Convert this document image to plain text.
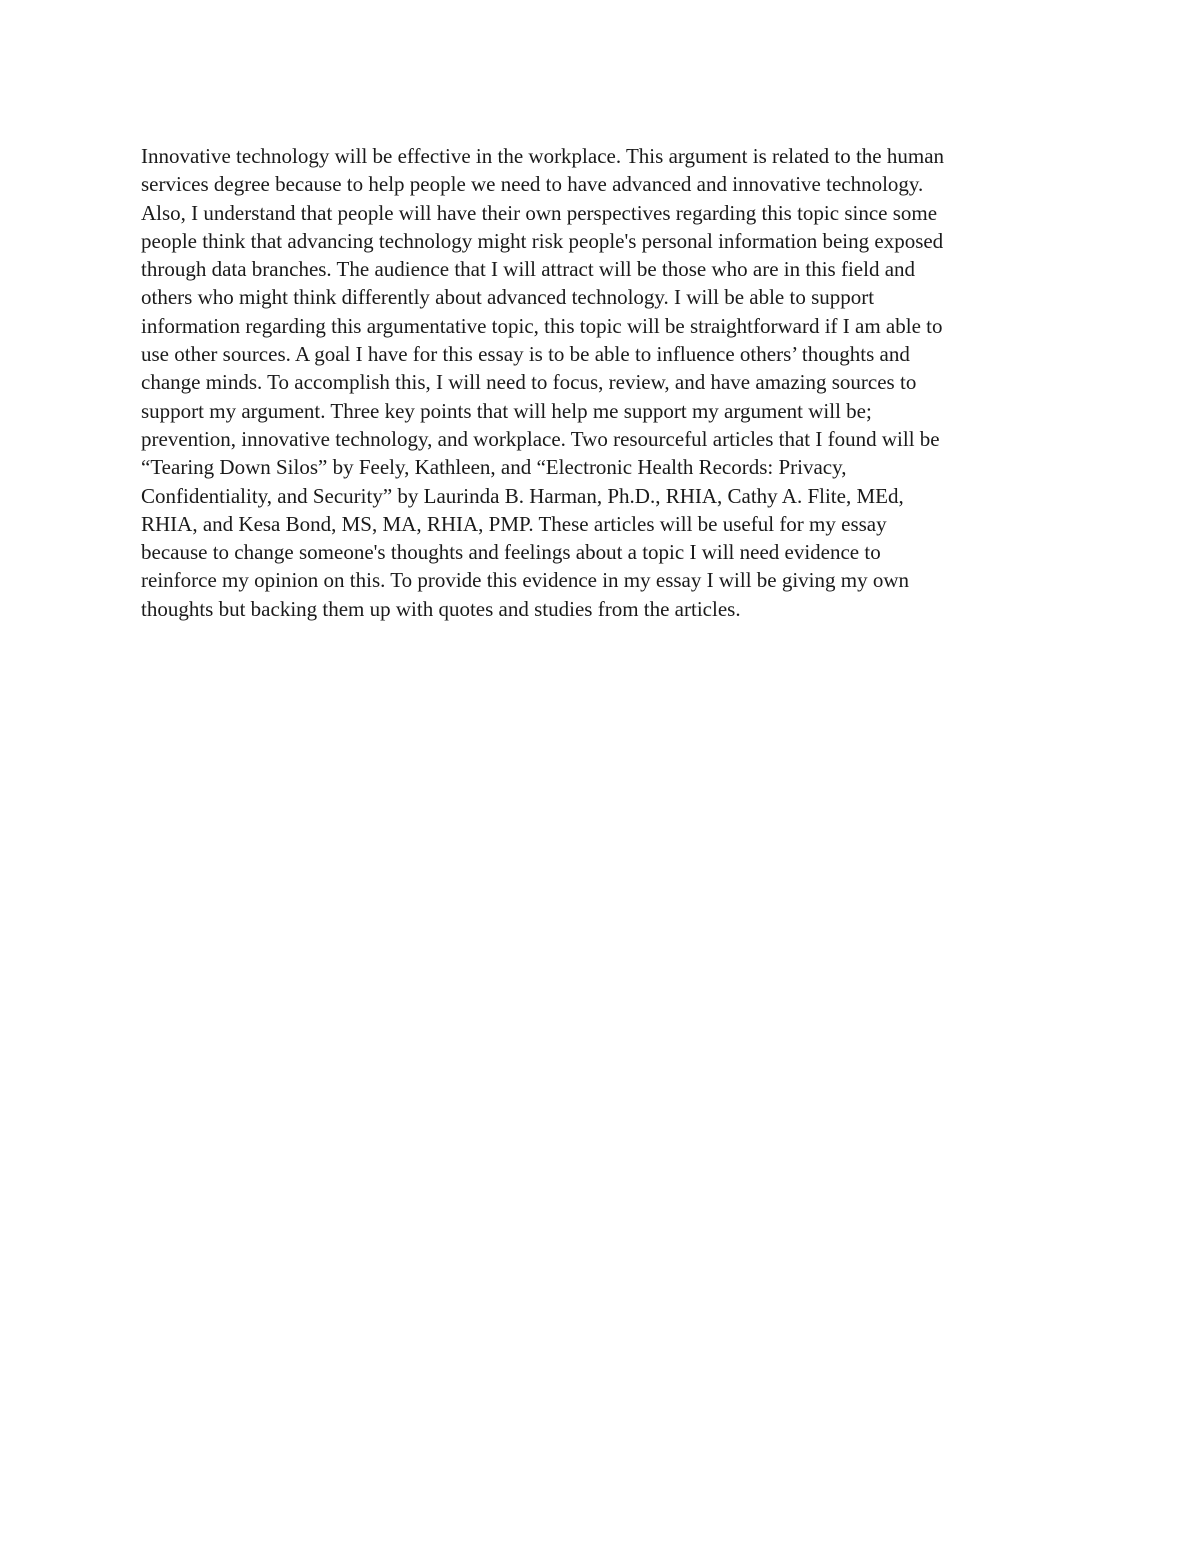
Innovative technology will be effective in the workplace. This argument is related to the human
services degree because to help people we need to have advanced and innovative technology.
Also, I understand that people will have their own perspectives regarding this topic since some
people think that advancing technology might risk people's personal information being exposed
through data branches. The audience that I will attract will be those who are in this field and
others who might think differently about advanced technology. I will be able to support
information regarding this argumentative topic, this topic will be straightforward if I am able to
use other sources. A goal I have for this essay is to be able to influence others’ thoughts and
change minds. To accomplish this, I will need to focus, review, and have amazing sources to
support my argument. Three key points that will help me support my argument will be;
prevention, innovative technology, and workplace. Two resourceful articles that I found will be
“Tearing Down Silos” by Feely, Kathleen, and “Electronic Health Records: Privacy,
Confidentiality, and Security” by Laurinda B. Harman, Ph.D., RHIA, Cathy A. Flite, MEd,
RHIA, and Kesa Bond, MS, MA, RHIA, PMP. These articles will be useful for my essay
because to change someone's thoughts and feelings about a topic I will need evidence to
reinforce my opinion on this. To provide this evidence in my essay I will be giving my own
thoughts but backing them up with quotes and studies from the articles.
